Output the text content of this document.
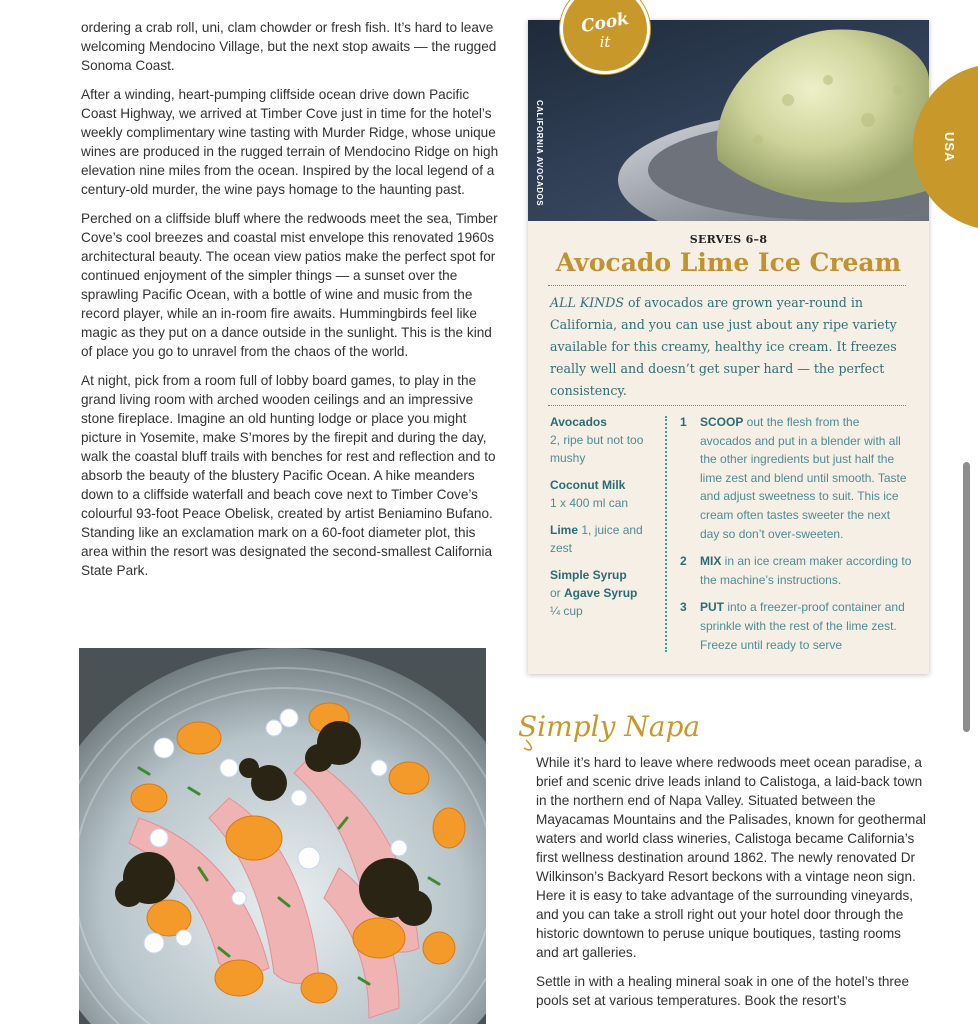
ordering a crab roll, uni, clam chowder or fresh fish. It’s hard to leave welcoming Mendocino Village, but the next stop awaits — the rugged Sonoma Coast.

After a winding, heart-pumping cliffside ocean drive down Pacific Coast Highway, we arrived at Timber Cove just in time for the hotel’s weekly complimentary wine tasting with Murder Ridge, whose unique wines are produced in the rugged terrain of Mendocino Ridge on high elevation nine miles from the ocean. Inspired by the local legend of a century-old murder, the wine pays homage to the haunting past.

Perched on a cliffside bluff where the redwoods meet the sea, Timber Cove’s cool breezes and coastal mist envelope this renovated 1960s architectural beauty. The ocean view patios make the perfect spot for continued enjoyment of the simpler things — a sunset over the sprawling Pacific Ocean, with a bottle of wine and music from the record player, while an in-room fire awaits. Hummingbirds feel like magic as they put on a dance outside in the sunlight. This is the kind of place you go to unravel from the chaos of the world.

At night, pick from a room full of lobby board games, to play in the grand living room with arched wooden ceilings and an impressive stone fireplace. Imagine an old hunting lodge or place you might picture in Yosemite, make S’mores by the firepit and during the day, walk the coastal bluff trails with benches for rest and reflection and to absorb the beauty of the blustery Pacific Ocean. A hike meanders down to a cliffside waterfall and beach cove next to Timber Cove’s colourful 93-foot Peace Obelisk, created by artist Beniamino Bufano. Standing like an exclamation mark on a 60-foot diameter plot, this area within the resort was designated the second-smallest California State Park.

CALIFORNIA AVOCADOS
SERVES 6–8
Avocado Lime Ice Cream
ALL KINDS of avocados are grown year-round in California, and you can use just about any ripe variety available for this creamy, healthy ice cream. It freezes really well and doesn’t get super hard — the perfect consistency.
Avocados
2, ripe but not too mushy
Coconut Milk
1 x 400 ml can
Lime 1, juice and zest
Simple Syrup
or Agave Syrup
¼ cup
1 SCOOP out the flesh from the avocados and put in a blender with all the other ingredients but just half the lime zest and blend until smooth. Taste and adjust sweetness to suit. This ice cream often tastes sweeter the next day so don’t over-sweeten.
2 MIX in an ice cream maker according to the machine’s instructions.
3 PUT into a freezer-proof container and sprinkle with the rest of the lime zest. Freeze until ready to serve
Cook
it
USA
Simply Napa

While it’s hard to leave where redwoods meet ocean paradise, a brief and scenic drive leads inland to Calistoga, a laid-back town in the northern end of Napa Valley. Situated between the Mayacamas Mountains and the Palisades, known for geothermal waters and world class wineries, Calistoga became California’s first wellness destination around 1862. The newly renovated Dr Wilkinson’s Backyard Resort beckons with a vintage neon sign. Here it is easy to take advantage of the surrounding vineyards, and you can take a stroll right out your hotel door through the historic downtown to peruse unique boutiques, tasting rooms and art galleries.

Settle in with a healing mineral soak in one of the hotel’s three pools set at various temperatures. Book the resort’s
